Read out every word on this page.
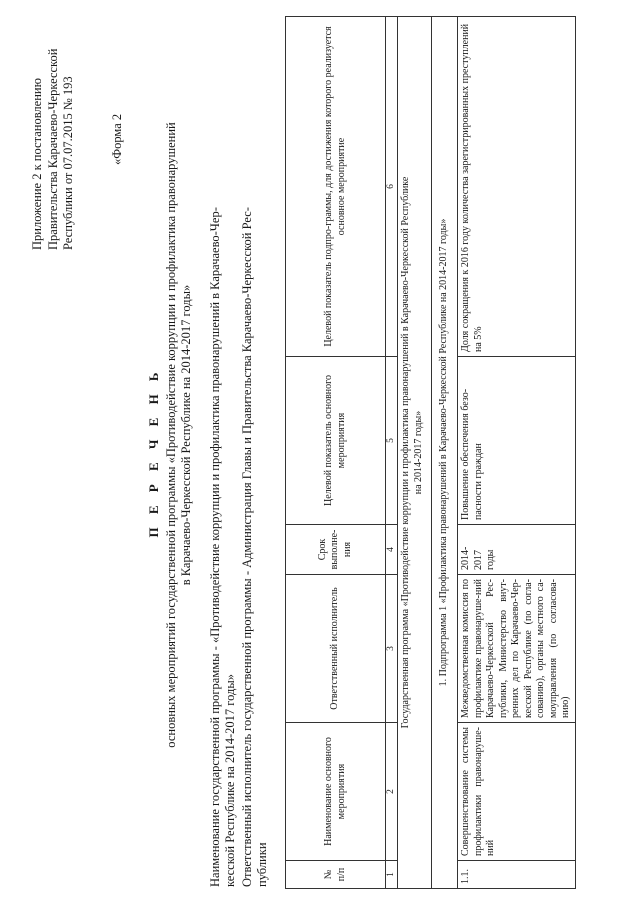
Приложение 2 к постановлению Правительства Карачаево-Черкесской Республики от 07.07.2015 № 193	«Форма 2
П Е Р Е Ч Е Н Ь основных мероприятий государственной программы «Противодействие коррупции и профилактика правонарушений в Карачаево-Черкесской Республике на 2014-2017 годы» Наименование государственной программы - «Противодействие коррупции и профилактика правонарушений в Карачаево-Чер- кесской Республике на 2014-2017 годы» Ответственный исполнитель государственной программы - Администрация Главы и Правительства Карачаево-Черкесской Рес- публики	№ п/п	Наименование основного мероприятия	Ответственный исполнитель	Срок выполне-ния	Целевой показатель основного мероприятия	Целевой показатель подпро-граммы, для достижения которого реализуется основное мероприятие
1	2	3	4	5	6

Государственная программа «Противодействие коррупции и профилактика правонарушений в Карачаево-Черкесской Республике на 2014-2017 годы»					

1. Подпрограмма 1 «Профилактика правонарушений в Карачаево-Черкесской Республике на 2014-2017 годы»					
1.1.	Совершенствование системы профилактики правонаруше-ний	Межведомственная комиссия по профилактике правонаруше-ний Карачаево-Черкесской Рес-публики, Министерство внут-ренних дел по Карачаево-Чер-кесской Республике (по согла-сованию), органы местного са-моуправления (по согласова-нию)	2014-2017 годы	Повышение обеспечения безо-пасности граждан	Доля сокращения к 2016 году количества зарегистрированных преступлений на 5%
